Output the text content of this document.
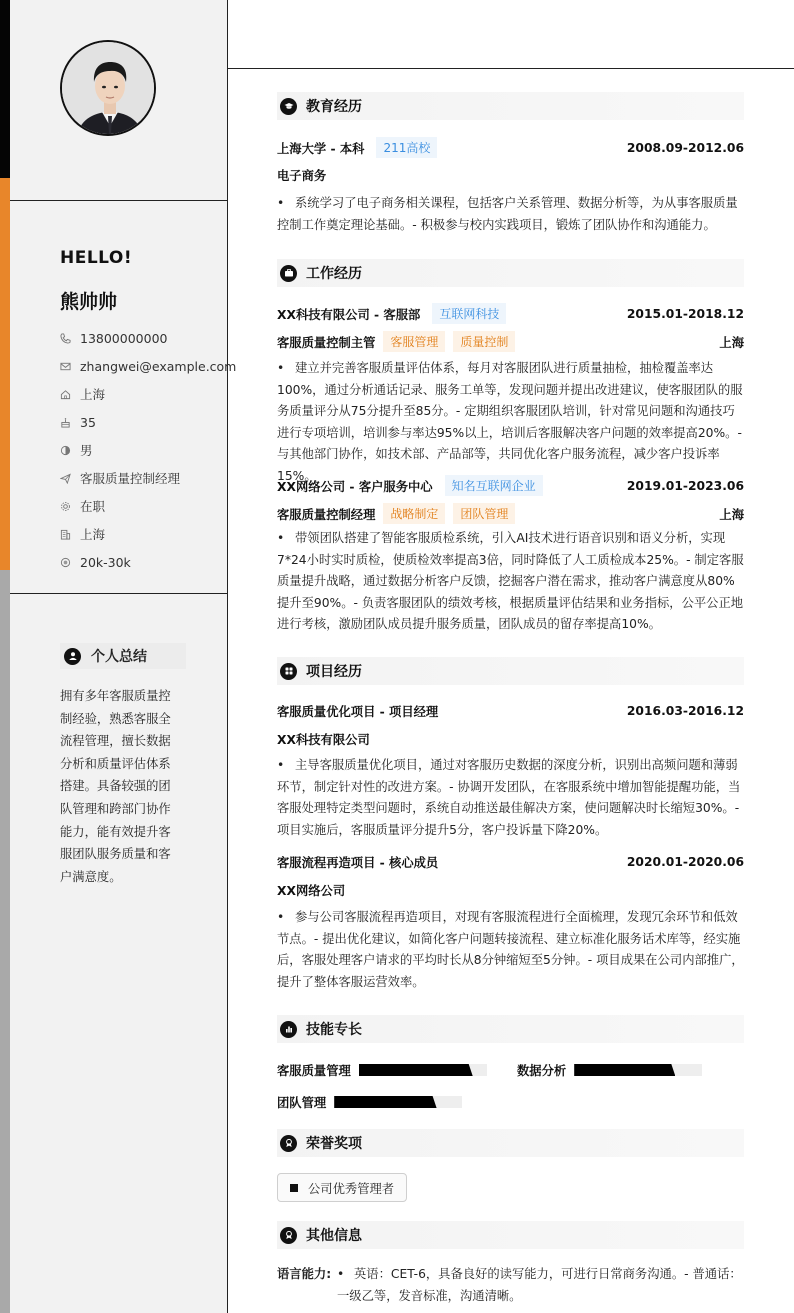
HELLO!
熊帅帅
13800000000
zhangwei@example.com
上海
35
男
客服质量控制经理
在职
上海
20k-30k
个人总结
拥有多年客服质量控制经验，熟悉客服全流程管理，擅长数据分析和质量评估体系搭建。具备较强的团队管理和跨部门协作能力，能有效提升客服团队服务质量和客户满意度。
教育经历
上海大学 - 本科	211高校	2008.09-2012.06
电子商务
• 系统学习了电子商务相关课程，包括客户关系管理、数据分析等，为从事客服质量控制工作奠定理论基础。- 积极参与校内实践项目，锻炼了团队协作和沟通能力。
工作经历
XX科技有限公司 - 客服部	互联网科技	2015.01-2018.12
客服质量控制主管	客服管理	质量控制	上海
• 建立并完善客服质量评估体系，每月对客服团队进行质量抽检，抽检覆盖率达100%，通过分析通话记录、服务工单等，发现问题并提出改进建议，使客服团队的服务质量评分从75分提升至85分。- 定期组织客服团队培训，针对常见问题和沟通技巧进行专项培训，培训参与率达95%以上，培训后客服解决客户问题的效率提高20%。- 与其他部门协作，如技术部、产品部等，共同优化客户服务流程，减少客户投诉率15%。
XX网络公司 - 客户服务中心	知名互联网企业	2019.01-2023.06
客服质量控制经理	战略制定	团队管理	上海
• 带领团队搭建了智能客服质检系统，引入AI技术进行语音识别和语义分析，实现7*24小时实时质检，使质检效率提高3倍，同时降低了人工质检成本25%。- 制定客服质量提升战略，通过数据分析客户反馈，挖掘客户潜在需求，推动客户满意度从80%提升至90%。- 负责客服团队的绩效考核，根据质量评估结果和业务指标，公平公正地进行考核，激励团队成员提升服务质量，团队成员的留存率提高10%。
项目经历
客服质量优化项目 - 项目经理	2016.03-2016.12
XX科技有限公司
• 主导客服质量优化项目，通过对客服历史数据的深度分析，识别出高频问题和薄弱环节，制定针对性的改进方案。- 协调开发团队，在客服系统中增加智能提醒功能，当客服处理特定类型问题时，系统自动推送最佳解决方案，使问题解决时长缩短30%。- 项目实施后，客服质量评分提升5分，客户投诉量下降20%。
客服流程再造项目 - 核心成员	2020.01-2020.06
XX网络公司
• 参与公司客服流程再造项目，对现有客服流程进行全面梳理，发现冗余环节和低效节点。- 提出优化建议，如简化客户问题转接流程、建立标准化服务话术库等，经实施后，客服处理客户请求的平均时长从8分钟缩短至5分钟。- 项目成果在公司内部推广，提升了整体客服运营效率。
技能专长
客服质量管理	数据分析
团队管理
荣誉奖项
公司优秀管理者
其他信息
语言能力: • 英语：CET-6，具备良好的读写能力，可进行日常商务沟通。- 普通话：一级乙等，发音标准，沟通清晰。
